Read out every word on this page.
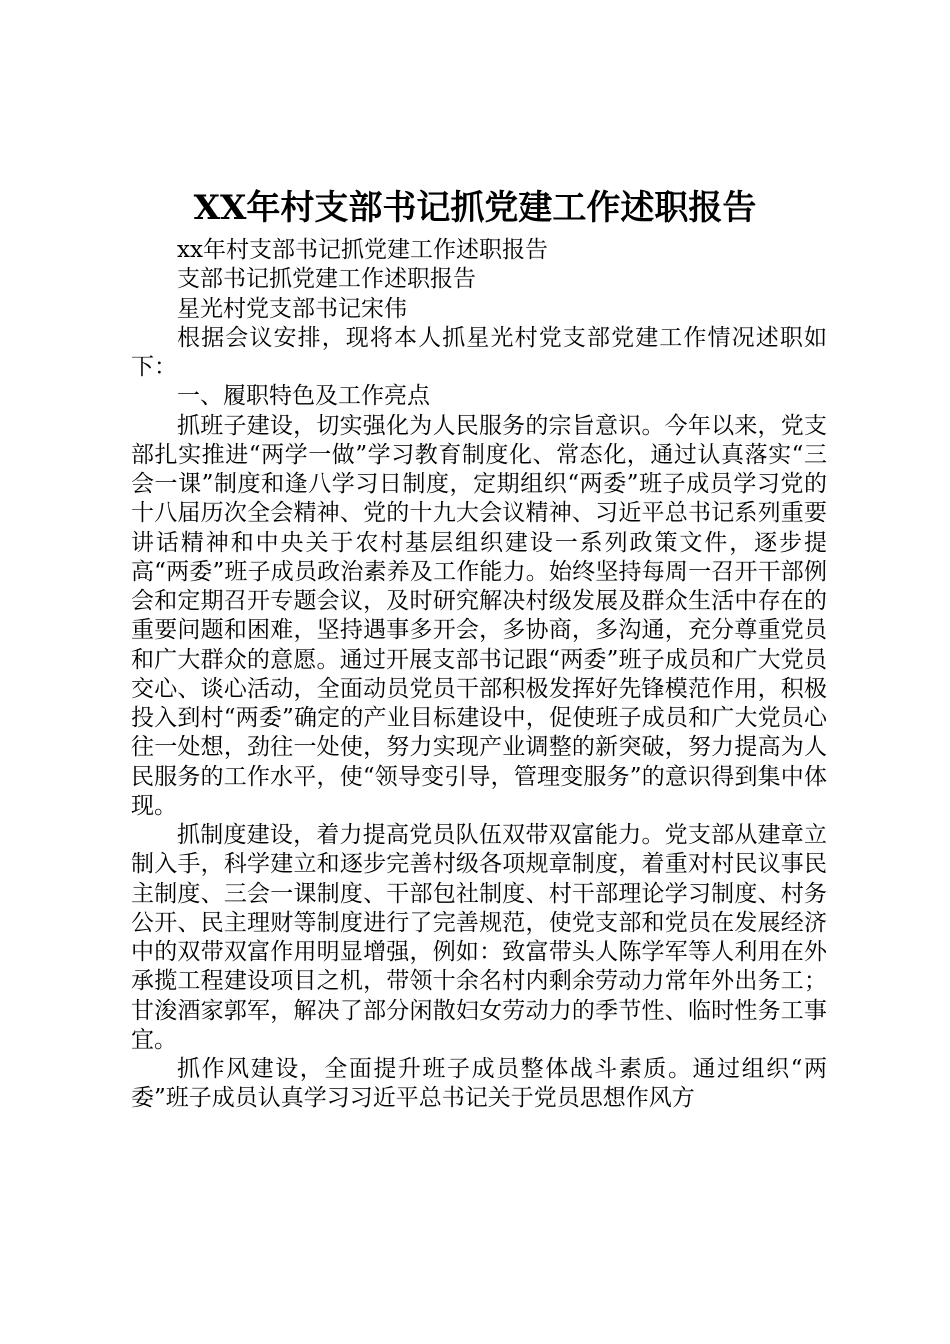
XX年村支部书记抓党建工作述职报告

xx年村支部书记抓党建工作述职报告

支部书记抓党建工作述职报告

星光村党支部书记宋伟

根据会议安排，现将本人抓星光村党支部党建工作情况述职如下：

一、履职特色及工作亮点

抓班子建设，切实强化为人民服务的宗旨意识。今年以来，党支部扎实推进“两学一做”学习教育制度化、常态化，通过认真落实“三会一课”制度和逢八学习日制度，定期组织“两委”班子成员学习党的十八届历次全会精神、党的十九大会议精神、习近平总书记系列重要讲话精神和中央关于农村基层组织建设一系列政策文件，逐步提高“两委”班子成员政治素养及工作能力。始终坚持每周一召开干部例会和定期召开专题会议，及时研究解决村级发展及群众生活中存在的重要问题和困难，坚持遇事多开会，多协商，多沟通，充分尊重党员和广大群众的意愿。通过开展支部书记跟“两委”班子成员和广大党员交心、谈心活动，全面动员党员干部积极发挥好先锋模范作用，积极投入到村“两委”确定的产业目标建设中，促使班子成员和广大党员心往一处想，劲往一处使，努力实现产业调整的新突破，努力提高为人民服务的工作水平，使“领导变引导，管理变服务”的意识得到集中体现。

抓制度建设，着力提高党员队伍双带双富能力。党支部从建章立制入手，科学建立和逐步完善村级各项规章制度，着重对村民议事民主制度、三会一课制度、干部包社制度、村干部理论学习制度、村务公开、民主理财等制度进行了完善规范，使党支部和党员在发展经济中的双带双富作用明显增强，例如：致富带头人陈学军等人利用在外承揽工程建设项目之机，带领十余名村内剩余劳动力常年外出务工；甘浚酒家郭军，解决了部分闲散妇女劳动力的季节性、临时性务工事宜。

抓作风建设，全面提升班子成员整体战斗素质。通过组织“两委”班子成员认真学习习近平总书记关于党员思想作风方
